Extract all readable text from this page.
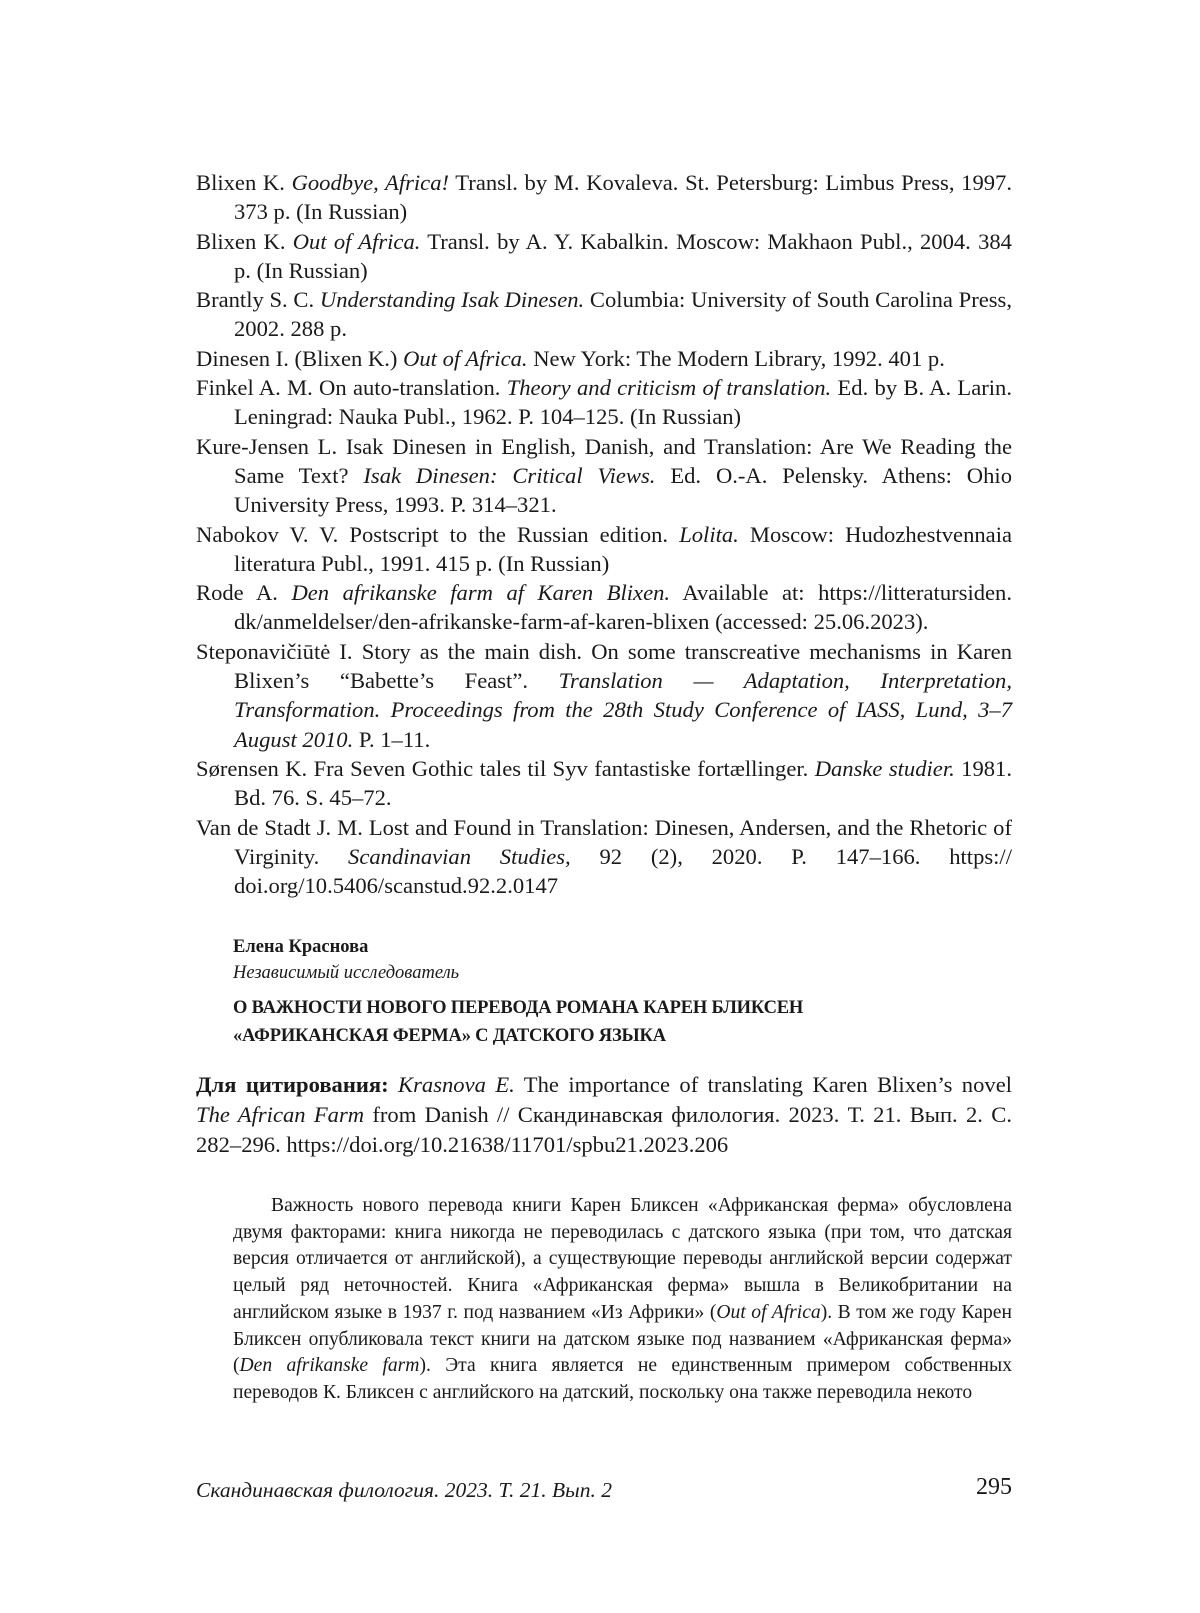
Blixen K. Goodbye, Africa! Transl. by M. Kovaleva. St. Petersburg: Limbus Press, 1997. 373 p. (In Russian)
Blixen K. Out of Africa. Transl. by A. Y. Kabalkin. Moscow: Makhaon Publ., 2004. 384 p. (In Russian)
Brantly S. C. Understanding Isak Dinesen. Columbia: University of South Carolina Press, 2002. 288 p.
Dinesen I. (Blixen K.) Out of Africa. New York: The Modern Library, 1992. 401 p.
Finkel A. M. On auto-translation. Theory and criticism of translation. Ed. by B. A. Larin. Leningrad: Nauka Publ., 1962. P. 104–125. (In Russian)
Kure-Jensen L. Isak Dinesen in English, Danish, and Translation: Are We Reading the Same Text? Isak Dinesen: Critical Views. Ed. O.-A. Pelensky. Athens: Ohio University Press, 1993. P. 314–321.
Nabokov V. V. Postscript to the Russian edition. Lolita. Moscow: Hudozhestvennaia literatura Publ., 1991. 415 p. (In Russian)
Rode A. Den afrikanske farm af Karen Blixen. Available at: https://litteratursiden.​dk/anmeldelser/den-afrikanske-farm-af-karen-blixen (accessed: 25.06.2023).
Steponavičiūtė I. Story as the main dish. On some transcreative mechanisms in Karen Blixen’s “Babette’s Feast”. Translation — Adaptation, Interpretation, Transformation. Proceedings from the 28th Study Conference of IASS, Lund, 3–7 August 2010. P. 1–11.
Sørensen K. Fra Seven Gothic tales til Syv fantastiske fortællinger. Danske studier. 1981. Bd. 76. S. 45–72.
Van de Stadt J. M. Lost and Found in Translation: Dinesen, Andersen, and the Rhetoric of Virginity. Scandinavian Studies, 92 (2), 2020. P. 147–166. https://​doi.org/10.5406/scanstud.92.2.0147
Елена Краснова
Независимый исследователь
О ВАЖНОСТИ НОВОГО ПЕРЕВОДА РОМАНА КАРЕН БЛИКСЕН
«АФРИКАНСКАЯ ФЕРМА» С ДАТСКОГО ЯЗЫКА
Для цитирования: Krasnova E. The importance of translating Karen Blixen’s novel The African Farm from Danish // Скандинавская филология. 2023. Т. 21. Вып. 2. С. 282–296. https://doi.org/10.21638/11701/spbu21.2023.206
Важность нового перевода книги Карен Бликсен «Африканская ферма» обусловлена двумя факторами: книга никогда не переводилась с датского языка (при том, что датская версия отличается от английской), а существующие переводы английской версии содержат целый ряд неточностей. Книга «Африканская ферма» вышла в Великобритании на английском языке в 1937 г. под названием «Из Африки» (Out of Africa). В том же году Карен Бликсен опубликовала текст книги на датском языке под названием «Африканская ферма» (Den afrikanske farm). Эта книга является не единственным примером собственных переводов К. Бликсен с английского на датский, поскольку она также переводила некото
Скандинавская филология. 2023. Т. 21. Вып. 2	295
